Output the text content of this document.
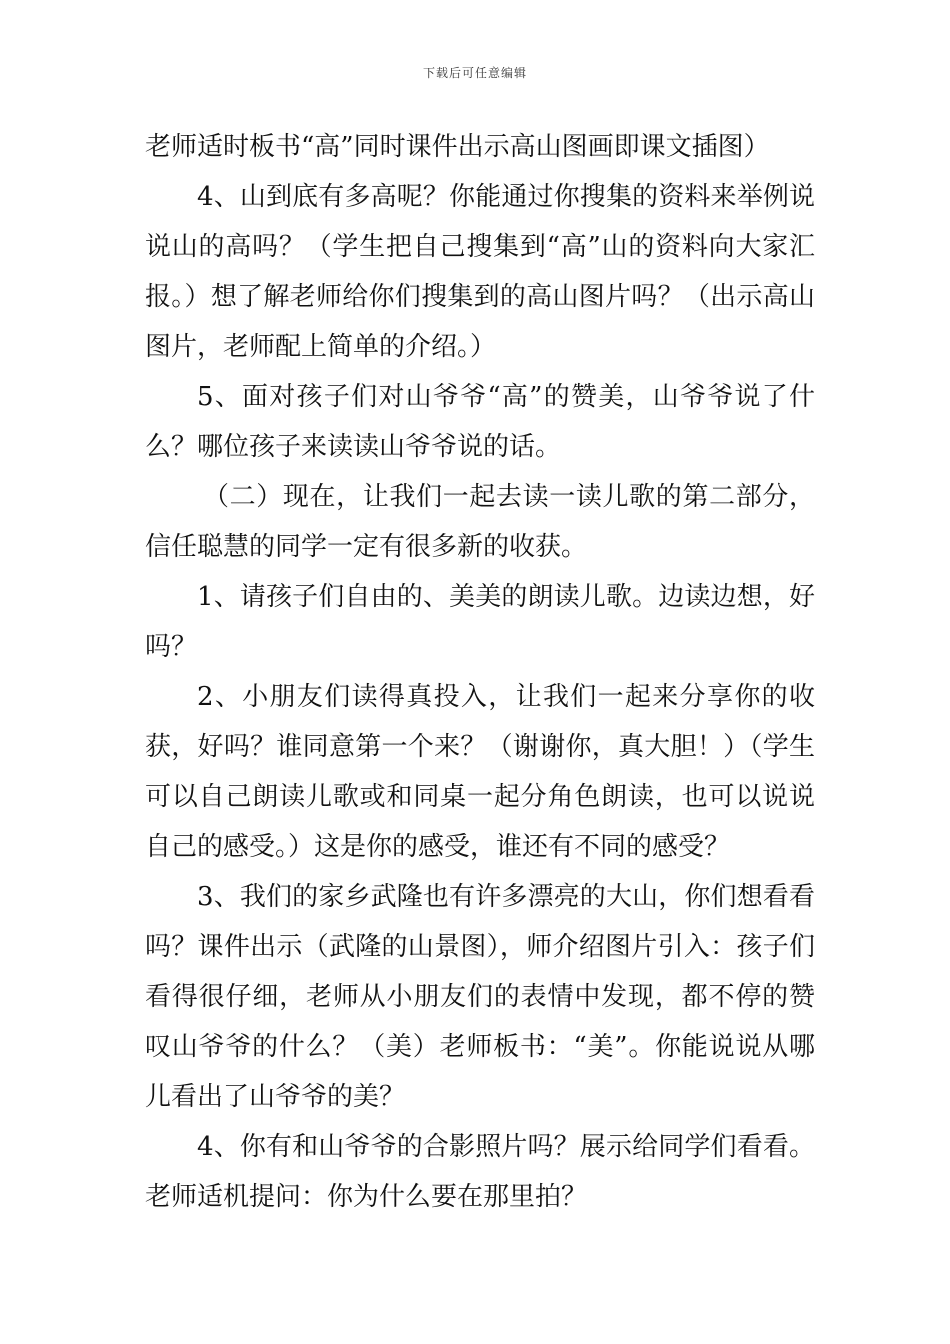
下载后可任意编辑

老师适时板书“高”同时课件出示高山图画即课文插图）

4、山到底有多高呢？你能通过你搜集的资料来举例说说山的高吗？（学生把自己搜集到“高”山的资料向大家汇报。）想了解老师给你们搜集到的高山图片吗？（出示高山图片，老师配上简单的介绍。）

5、面对孩子们对山爷爷“高”的赞美，山爷爷说了什么？哪位孩子来读读山爷爷说的话。

（二）现在，让我们一起去读一读儿歌的第二部分，信任聪慧的同学一定有很多新的收获。

1、请孩子们自由的、美美的朗读儿歌。边读边想，好吗？

2、小朋友们读得真投入，让我们一起来分享你的收获，好吗？谁同意第一个来？（谢谢你，真大胆！）（学生可以自己朗读儿歌或和同桌一起分角色朗读，也可以说说自己的感受。）这是你的感受，谁还有不同的感受？

3、我们的家乡武隆也有许多漂亮的大山，你们想看看吗？课件出示（武隆的山景图），师介绍图片引入：孩子们看得很仔细，老师从小朋友们的表情中发现，都不停的赞叹山爷爷的什么？（美）老师板书：“美”。你能说说从哪儿看出了山爷爷的美？

4、你有和山爷爷的合影照片吗？展示给同学们看看。老师适机提问：你为什么要在那里拍？
